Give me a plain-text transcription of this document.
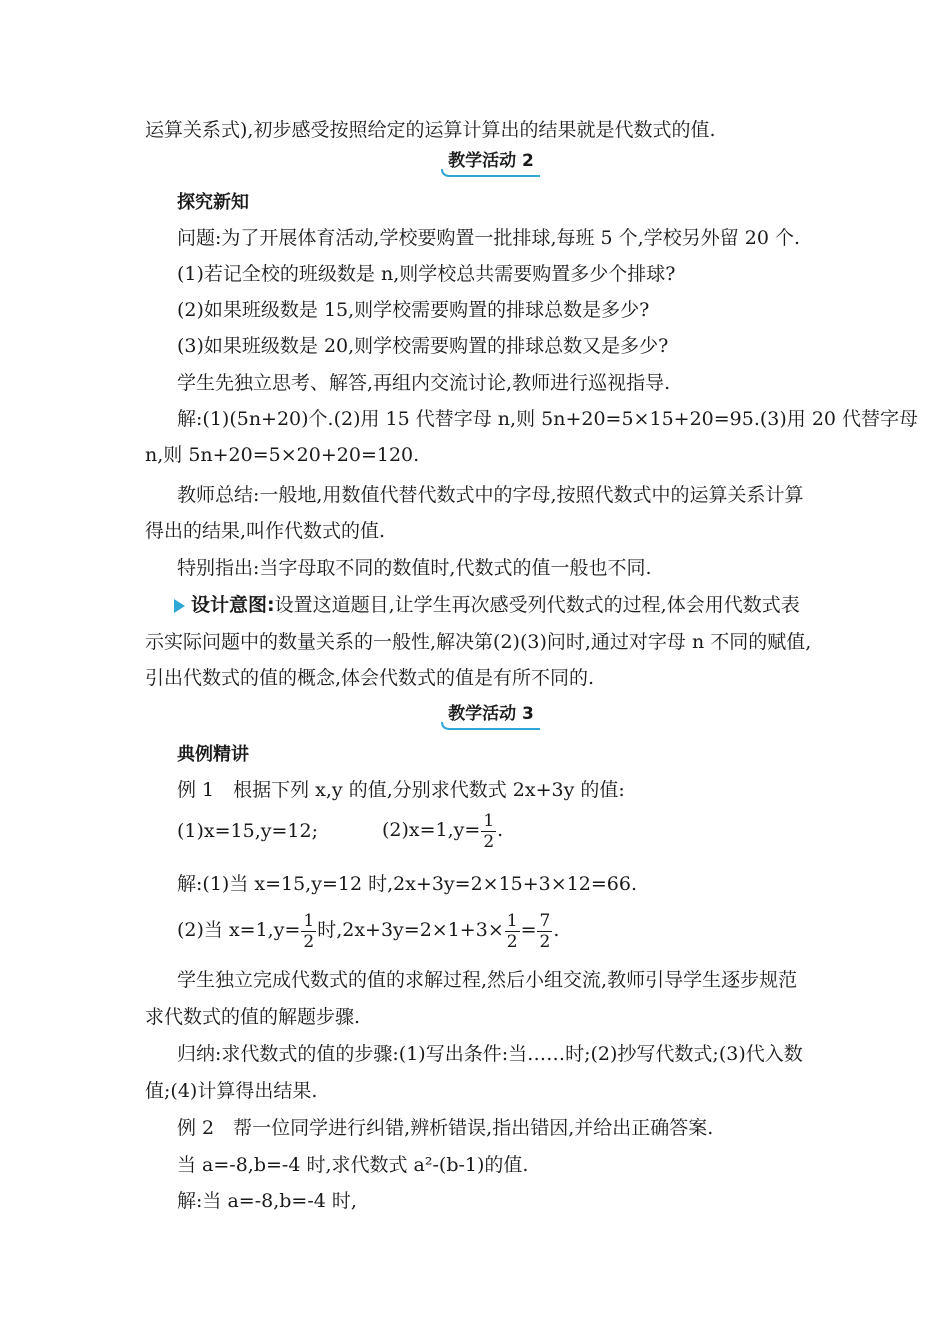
运算关系式),初步感受按照给定的运算计算出的结果就是代数式的值.
教学活动 2
探究新知
问题:为了开展体育活动,学校要购置一批排球,每班 5 个,学校另外留 20 个.
(1)若记全校的班级数是 n,则学校总共需要购置多少个排球?
(2)如果班级数是 15,则学校需要购置的排球总数是多少?
(3)如果班级数是 20,则学校需要购置的排球总数又是多少?
学生先独立思考、解答,再组内交流讨论,教师进行巡视指导.
解:(1)(5n+20)个.(2)用 15 代替字母 n,则 5n+20=5×15+20=95.(3)用 20 代替字母
n,则 5n+20=5×20+20=120.
教师总结:一般地,用数值代替代数式中的字母,按照代数式中的运算关系计算
得出的结果,叫作代数式的值.
特别指出:当字母取不同的数值时,代数式的值一般也不同.
设计意图:设置这道题目,让学生再次感受列代数式的过程,体会用代数式表
示实际问题中的数量关系的一般性,解决第(2)(3)问时,通过对字母 n 不同的赋值,
引出代数式的值的概念,体会代数式的值是有所不同的.
教学活动 3
典例精讲
例 1　根据下列 x,y 的值,分别求代数式 2x+3y 的值:
(1)x=15,y=12;	$(2)x=1,y= \frac{1}{2}$ .
解:(1)当 x=15,y=12 时,2x+3y=2×15+3×12=66.
(2)当 $x=1,y= \frac{1}{2}$ 时$,2x+3y=2\times 1+3\times \frac{1}{2} = \frac{7}{2}$ .
学生独立完成代数式的值的求解过程,然后小组交流,教师引导学生逐步规范
求代数式的值的解题步骤.
归纳:求代数式的值的步骤:(1)写出条件:当……时;(2)抄写代数式;(3)代入数
值;(4)计算得出结果.
例 2　帮一位同学进行纠错,辨析错误,指出错因,并给出正确答案.
当 a=-8,b=-4 时,求代数式 a²-(b-1)的值.
解:当 a=-8,b=-4 时,
